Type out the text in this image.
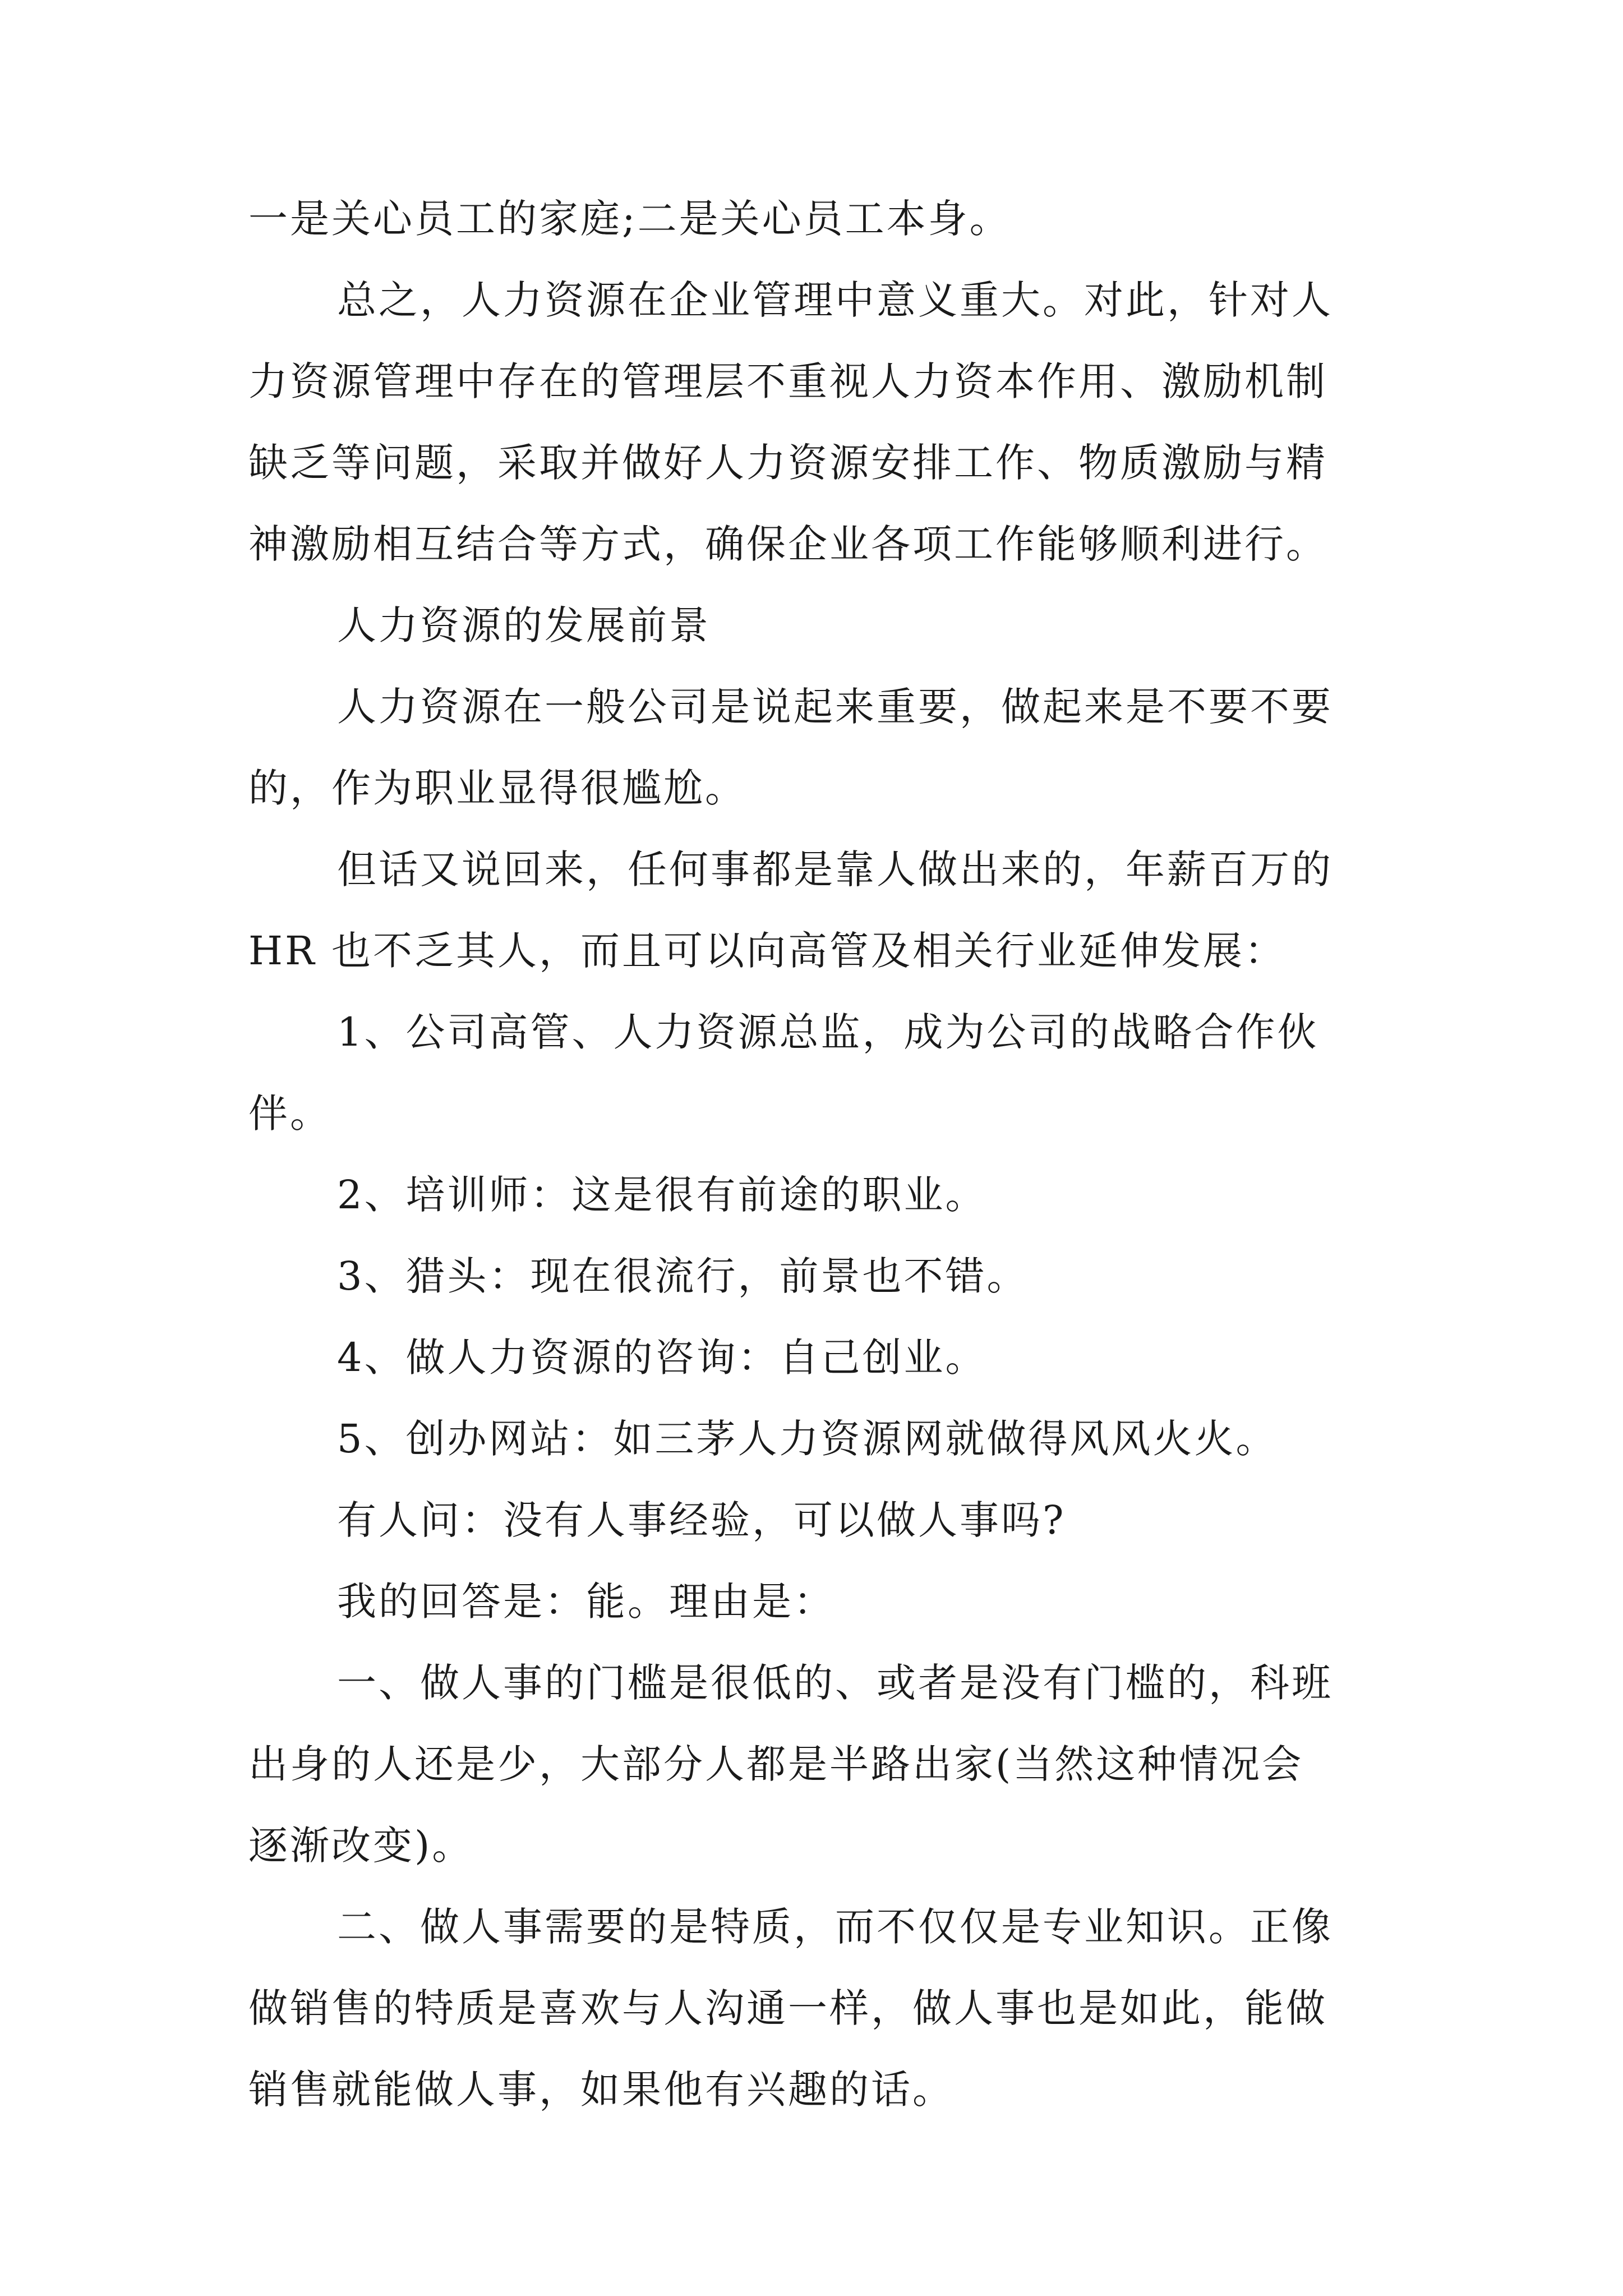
一是关心员工的家庭;二是关心员工本身。
总之，人力资源在企业管理中意义重大。对此，针对人
力资源管理中存在的管理层不重视人力资本作用、激励机制
缺乏等问题，采取并做好人力资源安排工作、物质激励与精
神激励相互结合等方式，确保企业各项工作能够顺利进行。
人力资源的发展前景
人力资源在一般公司是说起来重要，做起来是不要不要
的，作为职业显得很尴尬。
但话又说回来，任何事都是靠人做出来的，年薪百万的
HR 也不乏其人，而且可以向高管及相关行业延伸发展：
1、公司高管、人力资源总监，成为公司的战略合作伙
伴。
2、培训师：这是很有前途的职业。
3、猎头：现在很流行，前景也不错。
4、做人力资源的咨询：自己创业。
5、创办网站：如三茅人力资源网就做得风风火火。
有人问：没有人事经验，可以做人事吗?
我的回答是：能。理由是：
一、做人事的门槛是很低的、或者是没有门槛的，科班
出身的人还是少，大部分人都是半路出家(当然这种情况会
逐渐改变)。
二、做人事需要的是特质，而不仅仅是专业知识。正像
做销售的特质是喜欢与人沟通一样，做人事也是如此，能做
销售就能做人事，如果他有兴趣的话。
